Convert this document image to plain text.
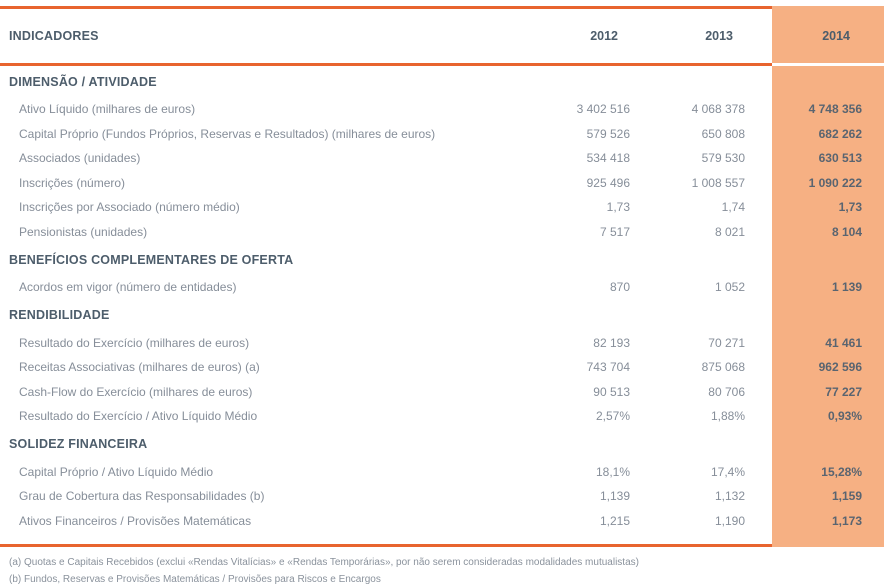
INDICADORES	2012	2013	2014
DIMENSÃO / ATIVIDADE
Ativo Líquido (milhares de euros)	3 402 516	4 068 378	4 748 356
Capital Próprio (Fundos Próprios, Reservas e Resultados) (milhares de euros)	579 526	650 808	682 262
Associados (unidades)	534 418	579 530	630 513
Inscrições (número)	925 496	1 008 557	1 090 222
Inscrições por Associado (número médio)	1,73	1,74	1,73
Pensionistas (unidades)	7 517	8 021	8 104
BENEFÍCIOS COMPLEMENTARES DE OFERTA
Acordos em vigor (número de entidades)	870	1 052	1 139
RENDIBILIDADE
Resultado do Exercício (milhares de euros)	82 193	70 271	41 461
Receitas Associativas (milhares de euros) (a)	743 704	875 068	962 596
Cash-Flow do Exercício (milhares de euros)	90 513	80 706	77 227
Resultado do Exercício / Ativo Líquido Médio	2,57%	1,88%	0,93%
SOLIDEZ FINANCEIRA
Capital Próprio / Ativo Líquido Médio	18,1%	17,4%	15,28%
Grau de Cobertura das Responsabilidades (b)	1,139	1,132	1,159
Ativos Financeiros / Provisões Matemáticas	1,215	1,190	1,173
(a) Quotas e Capitais Recebidos (exclui «Rendas Vitalícias» e «Rendas Temporárias», por não serem consideradas modalidades mutualistas)
(b) Fundos, Reservas e Provisões Matemáticas / Provisões para Riscos e Encargos
